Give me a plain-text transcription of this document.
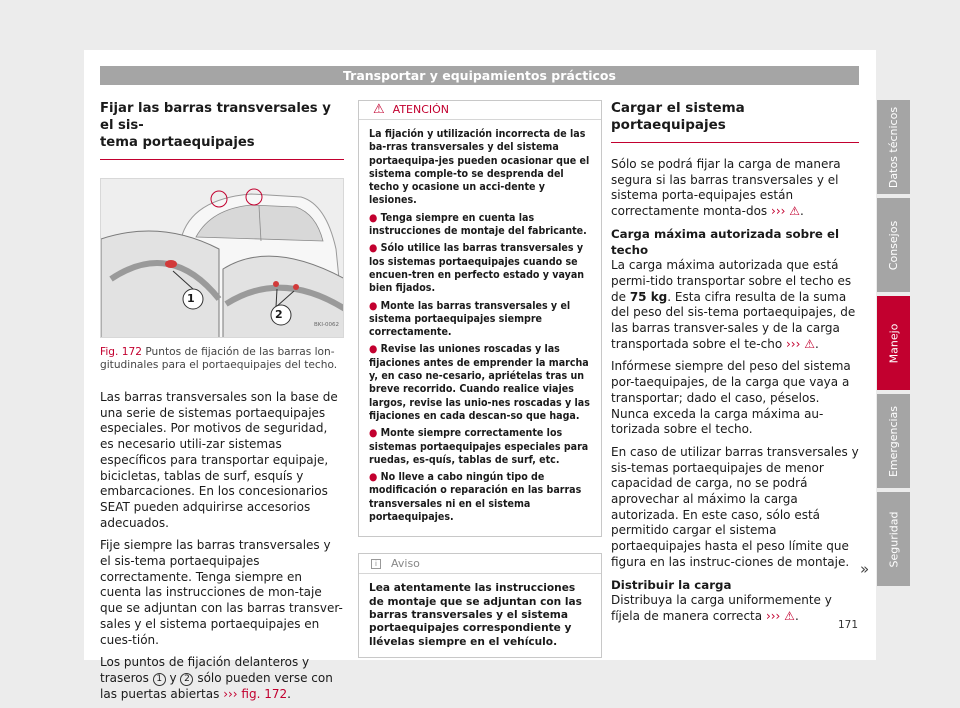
Transportar y equipamientos prácticos
Fijar las barras transversales y el sis-
tema portaequipajes
1
2
BKI-0062
Fig. 172 Puntos de fijación de las barras lon-gitudinales para el portaequipajes del techo.
Las barras transversales son la base de una serie de sistemas portaequipajes especiales. Por motivos de seguridad, es necesario utili-zar sistemas específicos para transportar equipaje, bicicletas, tablas de surf, esquís y embarcaciones. En los concesionarios SEAT pueden adquirirse accesorios adecuados.
Fije siempre las barras transversales y el sis-tema portaequipajes correctamente. Tenga siempre en cuenta las instrucciones de mon-taje que se adjuntan con las barras transver-sales y el sistema portaequipajes en cues-tión.
Los puntos de fijación delanteros y traseros 1 y 2 sólo pueden verse con las puertas abiertas ››› fig. 172.
⚠ ATENCIÓN
La fijación y utilización incorrecta de las ba-rras transversales y del sistema portaequipa-jes pueden ocasionar que el sistema comple-to se desprenda del techo y ocasione un acci-dente y lesiones.
● Tenga siempre en cuenta las instrucciones de montaje del fabricante.
● Sólo utilice las barras transversales y los sistemas portaequipajes cuando se encuen-tren en perfecto estado y vayan bien fijados.
● Monte las barras transversales y el sistema portaequipajes siempre correctamente.
● Revise las uniones roscadas y las fijaciones antes de emprender la marcha y, en caso ne-cesario, apriételas tras un breve recorrido. Cuando realice viajes largos, revise las unio-nes roscadas y las fijaciones en cada descan-so que haga.
● Monte siempre correctamente los sistemas portaequipajes especiales para ruedas, es-quís, tablas de surf, etc.
● No lleve a cabo ningún tipo de modificación o reparación en las barras transversales ni en el sistema portaequipajes.
i	Aviso
Lea atentamente las instrucciones de montaje que se adjuntan con las barras transversales y el sistema portaequipajes correspondiente y llévelas siempre en el vehículo.
Cargar el sistema portaequipajes
Sólo se podrá fijar la carga de manera segura si las barras transversales y el sistema porta-equipajes están correctamente monta-dos ››› ⚠.
Carga máxima autorizada sobre el techo
La carga máxima autorizada que está permi-tido transportar sobre el techo es de 75 kg. Esta cifra resulta de la suma del peso del sis-tema portaequipajes, de las barras transver-sales y de la carga transportada sobre el te-cho ››› ⚠.
Infórmese siempre del peso del sistema por-taequipajes, de la carga que vaya a transportar; dado el caso, péselos. Nunca exceda la carga máxima au-torizada sobre el techo.
En caso de utilizar barras transversales y sis-temas portaequipajes de menor capacidad de carga, no se podrá aprovechar al máximo la carga autorizada. En este caso, sólo está permitido cargar el sistema portaequipajes hasta el peso límite que figura en las instruc-ciones de montaje.
Distribuir la carga
Distribuya la carga uniformemente y fíjela de manera correcta ››› ⚠.
»
171
Datos técnicos
Consejos
Manejo
Emergencias
Seguridad
